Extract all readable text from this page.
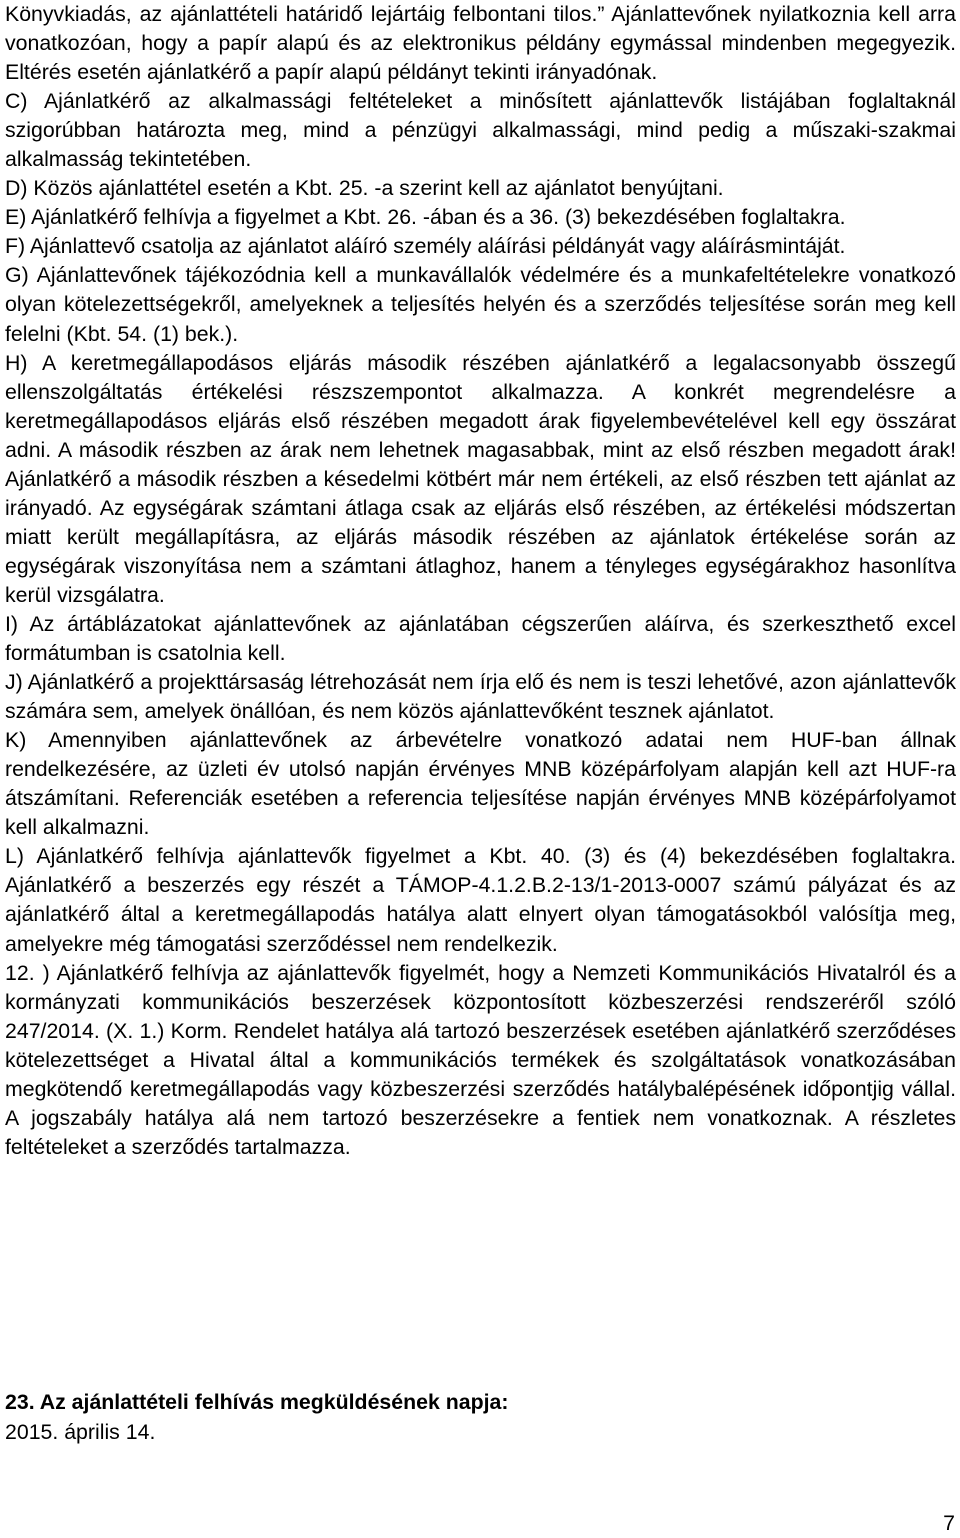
Könyvkiadás, az ajánlattételi határidő lejártáig felbontani tilos.” Ajánlattevőnek nyilatkoznia kell arra vonatkozóan, hogy a papír alapú és az elektronikus példány egymással mindenben megegyezik. Eltérés esetén ajánlatkérő a papír alapú példányt tekinti irányadónak.

C) Ajánlatkérő az alkalmassági feltételeket a minősített ajánlattevők listájában foglaltaknál szigorúbban határozta meg, mind a pénzügyi alkalmassági, mind pedig a műszaki-szakmai alkalmasság tekintetében.

D) Közös ajánlattétel esetén a Kbt. 25. -a szerint kell az ajánlatot benyújtani.

E) Ajánlatkérő felhívja a figyelmet a Kbt. 26. -ában és a 36. (3) bekezdésében foglaltakra.

F) Ajánlattevő csatolja az ajánlatot aláíró személy aláírási példányát vagy aláírásmintáját.

G) Ajánlattevőnek tájékozódnia kell a munkavállalók védelmére és a munkafeltételekre vonatkozó olyan kötelezettségekről, amelyeknek a teljesítés helyén és a szerződés teljesítése során meg kell felelni (Kbt. 54. (1) bek.).

H) A keretmegállapodásos eljárás második részében ajánlatkérő a legalacsonyabb összegű ellenszolgáltatás értékelési részszempontot alkalmazza. A konkrét megrendelésre a keretmegállapodásos eljárás első részében megadott árak figyelembevételével kell egy összárat adni. A második részben az árak nem lehetnek magasabbak, mint az első részben megadott árak! Ajánlatkérő a második részben a késedelmi kötbért már nem értékeli, az első részben tett ajánlat az irányadó. Az egységárak számtani átlaga csak az eljárás első részében, az értékelési módszertan miatt került megállapításra, az eljárás második részében az ajánlatok értékelése során az egységárak viszonyítása nem a számtani átlaghoz, hanem a tényleges egységárakhoz hasonlítva kerül vizsgálatra.

I) Az ártáblázatokat ajánlattevőnek az ajánlatában cégszerűen aláírva, és szerkeszthető excel formátumban is csatolnia kell.

J) Ajánlatkérő a projekttársaság létrehozását nem írja elő és nem is teszi lehetővé, azon ajánlattevők számára sem, amelyek önállóan, és nem közös ajánlattevőként tesznek ajánlatot.

K) Amennyiben ajánlattevőnek az árbevételre vonatkozó adatai nem HUF-ban állnak rendelkezésére, az üzleti év utolsó napján érvényes MNB középárfolyam alapján kell azt HUF-ra átszámítani. Referenciák esetében a referencia teljesítése napján érvényes MNB középárfolyamot kell alkalmazni.

L) Ajánlatkérő felhívja ajánlattevők figyelmet a Kbt. 40. (3) és (4) bekezdésében foglaltakra. Ajánlatkérő a beszerzés egy részét a TÁMOP-4.1.2.B.2-13/1-2013-0007 számú pályázat és az ajánlatkérő által a keretmegállapodás hatálya alatt elnyert olyan támogatásokból valósítja meg, amelyekre még támogatási szerződéssel nem rendelkezik.

12. ) Ajánlatkérő felhívja az ajánlattevők figyelmét, hogy a Nemzeti Kommunikációs Hivatalról és a kormányzati kommunikációs beszerzések központosított közbeszerzési rendszeréről szóló 247/2014. (X. 1.) Korm. Rendelet hatálya alá tartozó beszerzések esetében ajánlatkérő szerződéses kötelezettséget a Hivatal által a kommunikációs termékek és szolgáltatások vonatkozásában megkötendő keretmegállapodás vagy közbeszerzési szerződés hatálybalépésének időpontjig vállal. A jogszabály hatálya alá nem tartozó beszerzésekre a fentiek nem vonatkoznak. A részletes feltételeket a szerződés tartalmazza.

23. Az ajánlattételi felhívás megküldésének napja:

2015. április 14.

7
